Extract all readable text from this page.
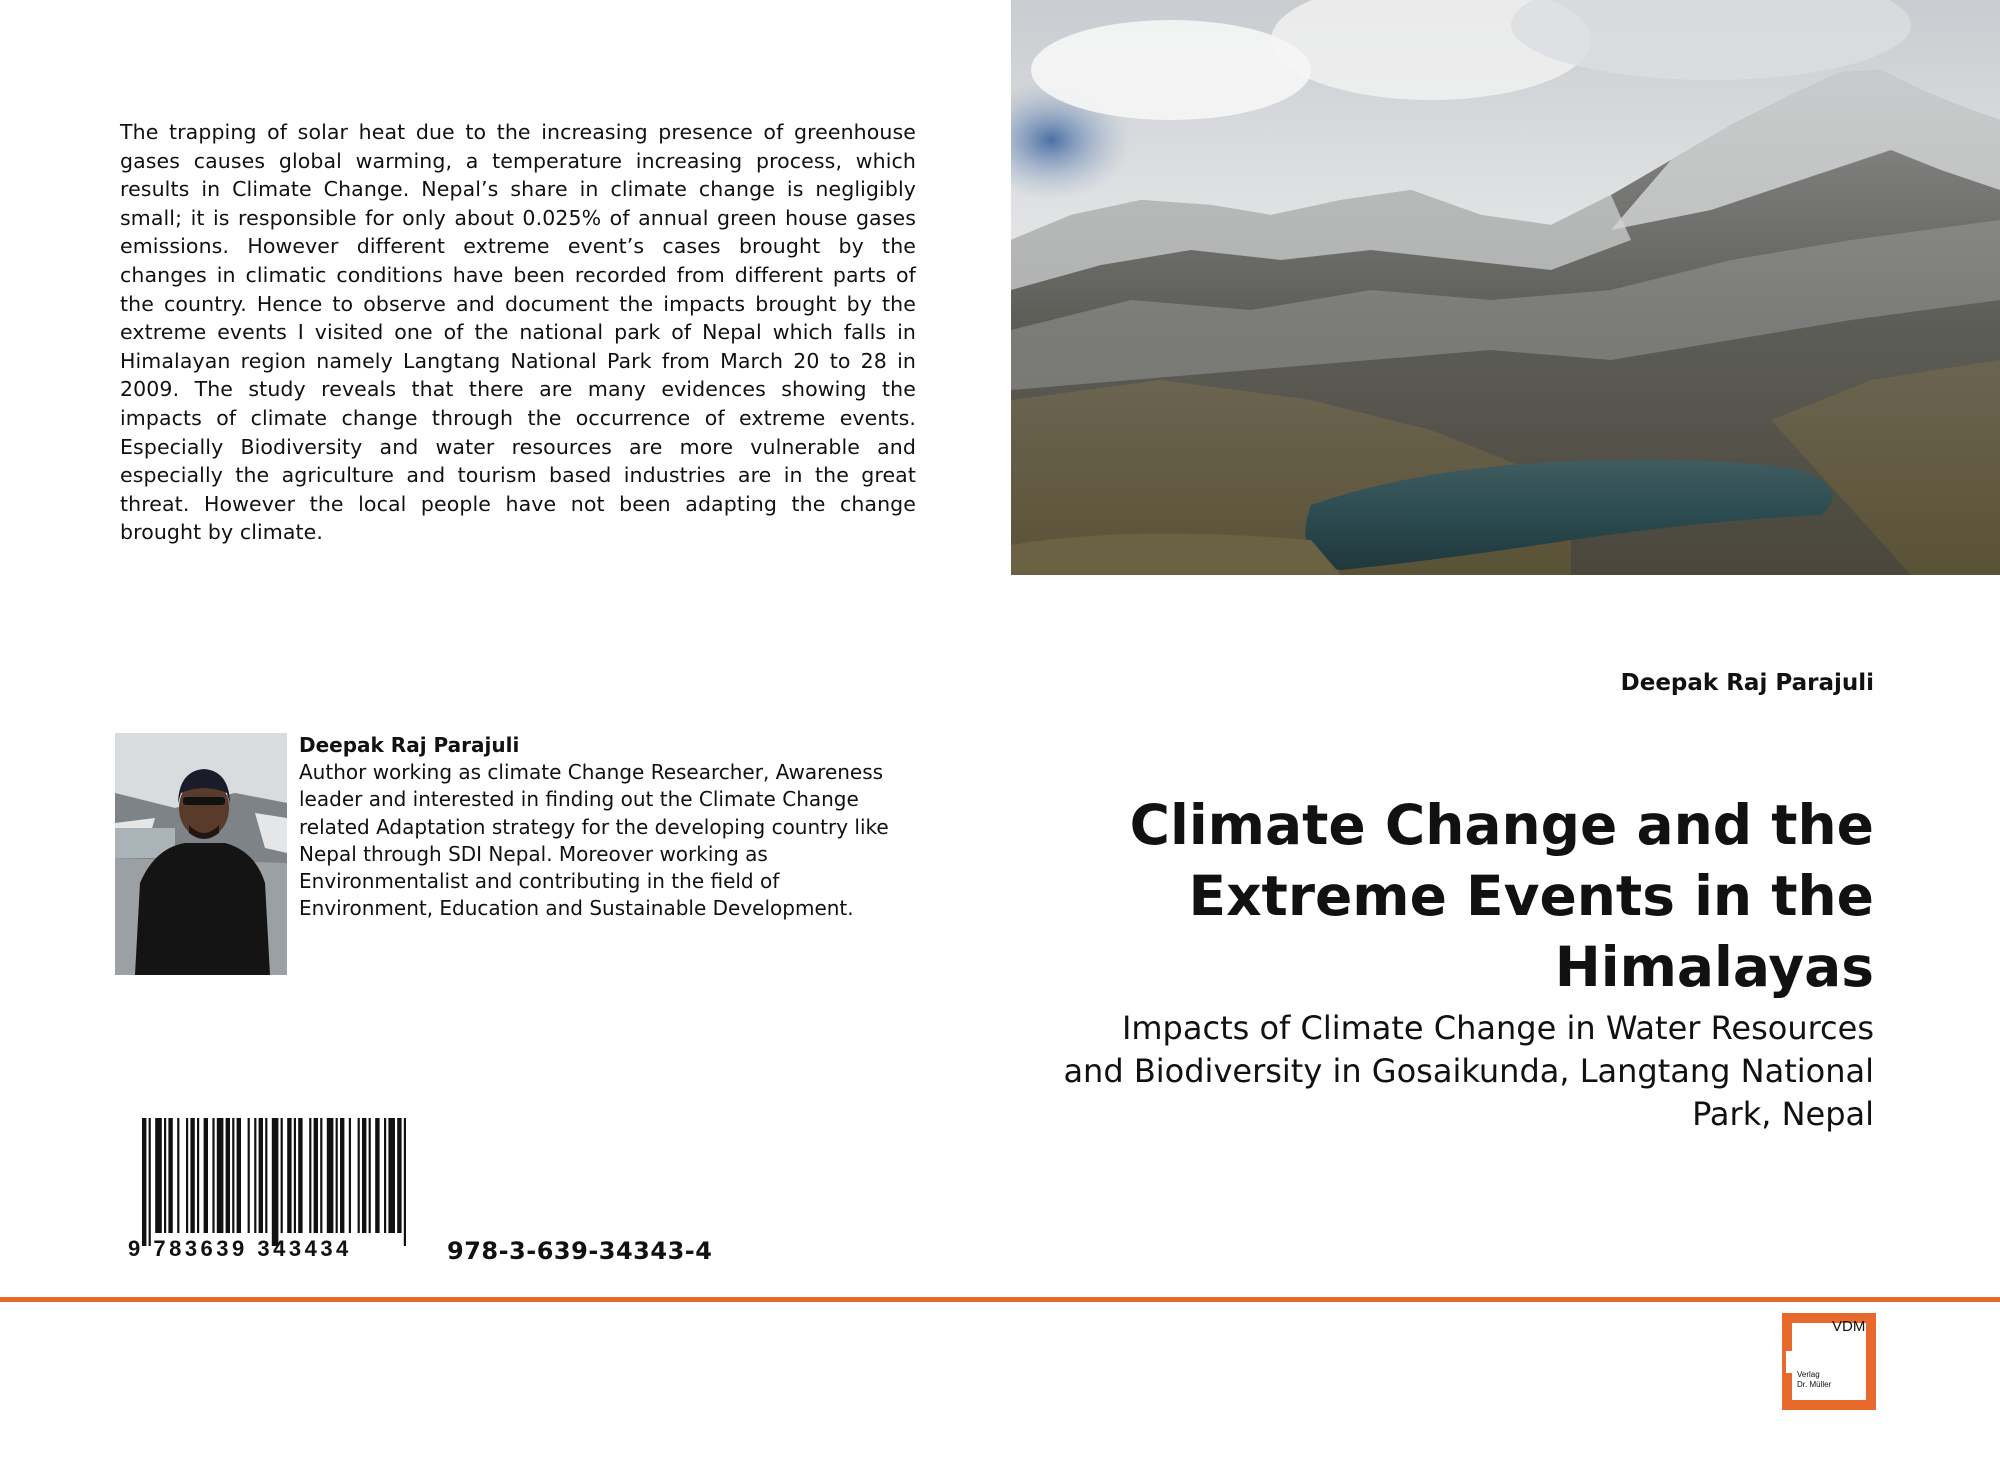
The trapping of solar heat due to the increasing presence of greenhouse gases causes global warming, a temperature increasing process, which results in Climate Change. Nepal’s share in climate change is negligibly small; it is responsible for only about 0.025% of annual green house gases emissions. However different extreme event’s cases brought by the changes in climatic conditions have been recorded from different parts of the country. Hence to observe and document the impacts brought by the extreme events I visited one of the national park of Nepal which falls in Himalayan region namely Langtang National Park from March 20 to 28 in 2009. The study reveals that there are many evidences showing the impacts of climate change through the occurrence of extreme events. Especially Biodiversity and water resources are more vulnerable and especially the agriculture and tourism based industries are in the great threat. However the local people have not been adapting the change brought by climate.
Deepak Raj Parajuli
Climate Change and the Extreme Events in the Himalayas
Impacts of Climate Change in Water Resources and Biodiversity in Gosaikunda, Langtang National Park, Nepal
Deepak Raj Parajuli
Author working as climate Change Researcher, Awareness leader and interested in finding out the Climate Change related Adaptation strategy for the developing country like Nepal through SDI Nepal. Moreover working as Environmentalist and contributing in the field of Environment, Education and Sustainable Development.
9 783639 343434	978-3-639-34343-4
VDM
Verlag
Dr. Müller
